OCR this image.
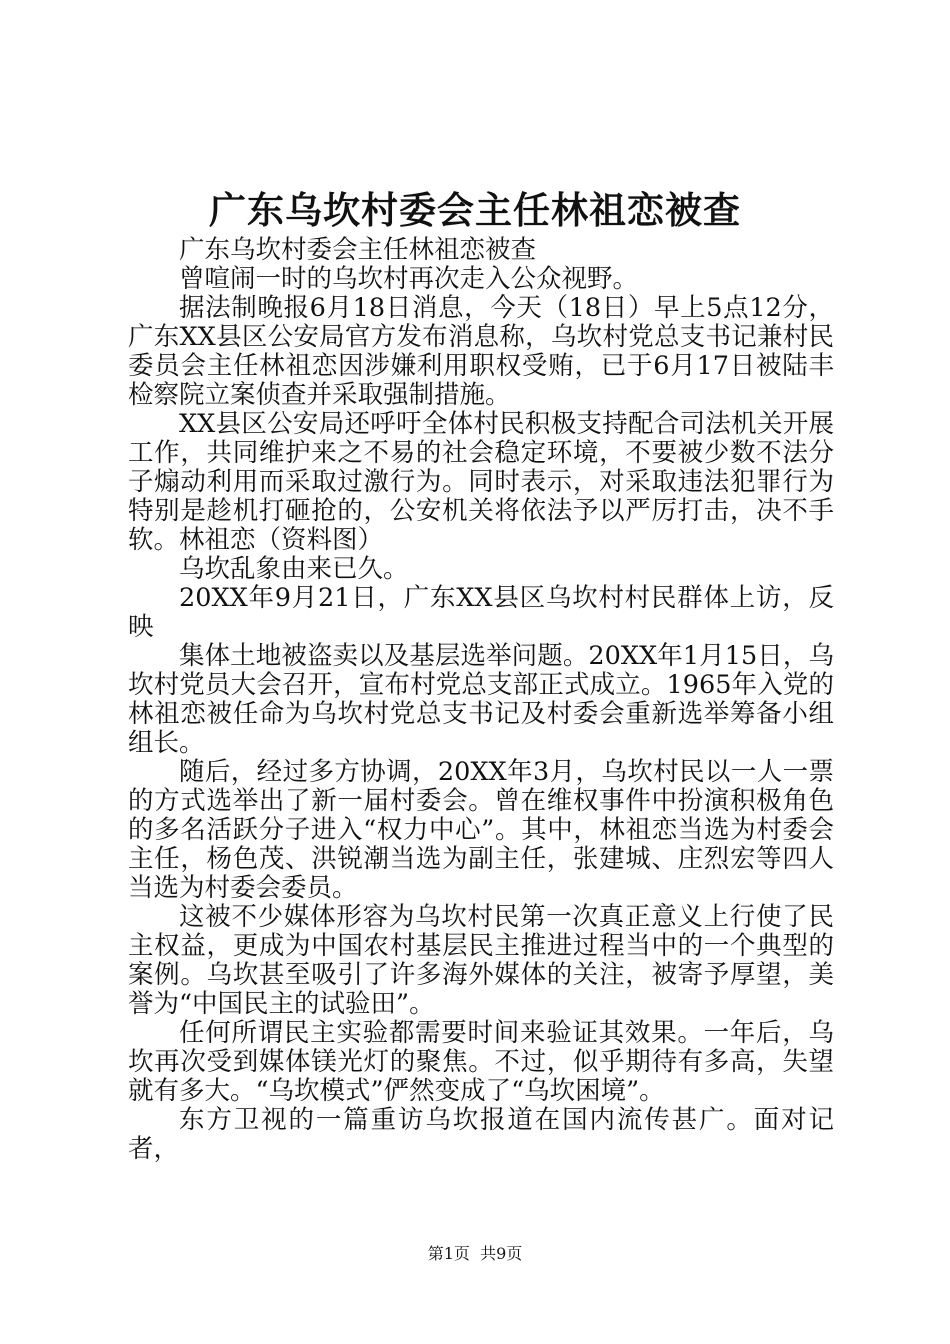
广东乌坎村委会主任林祖恋被查

广东乌坎村委会主任林祖恋被查

曾喧闹一时的乌坎村再次走入公众视野。

据法制晚报6月18日消息，今天（18日）早上5点12分，广东XX县区公安局官方发布消息称，乌坎村党总支书记兼村民委员会主任林祖恋因涉嫌利用职权受贿，已于6月17日被陆丰检察院立案侦查并采取强制措施。

XX县区公安局还呼吁全体村民积极支持配合司法机关开展工作，共同维护来之不易的社会稳定环境，不要被少数不法分子煽动利用而采取过激行为。同时表示，对采取违法犯罪行为特别是趁机打砸抢的，公安机关将依法予以严厉打击，决不手软。林祖恋（资料图）

乌坎乱象由来已久。

20XX年9月21日，广东XX县区乌坎村村民群体上访，反映

集体土地被盗卖以及基层选举问题。20XX年1月15日，乌坎村党员大会召开，宣布村党总支部正式成立。1965年入党的林祖恋被任命为乌坎村党总支书记及村委会重新选举筹备小组组长。

随后，经过多方协调，20XX年3月，乌坎村民以一人一票的方式选举出了新一届村委会。曾在维权事件中扮演积极角色的多名活跃分子进入“权力中心”。其中，林祖恋当选为村委会主任，杨色茂、洪锐潮当选为副主任，张建城、庄烈宏等四人当选为村委会委员。

这被不少媒体形容为乌坎村民第一次真正意义上行使了民主权益，更成为中国农村基层民主推进过程当中的一个典型的案例。乌坎甚至吸引了许多海外媒体的关注，被寄予厚望，美誉为“中国民主的试验田”。

任何所谓民主实验都需要时间来验证其效果。一年后，乌坎再次受到媒体镁光灯的聚焦。不过，似乎期待有多高，失望就有多大。“乌坎模式”俨然变成了“乌坎困境”。

东方卫视的一篇重访乌坎报道在国内流传甚广。面对记者，

第1页 共9页
